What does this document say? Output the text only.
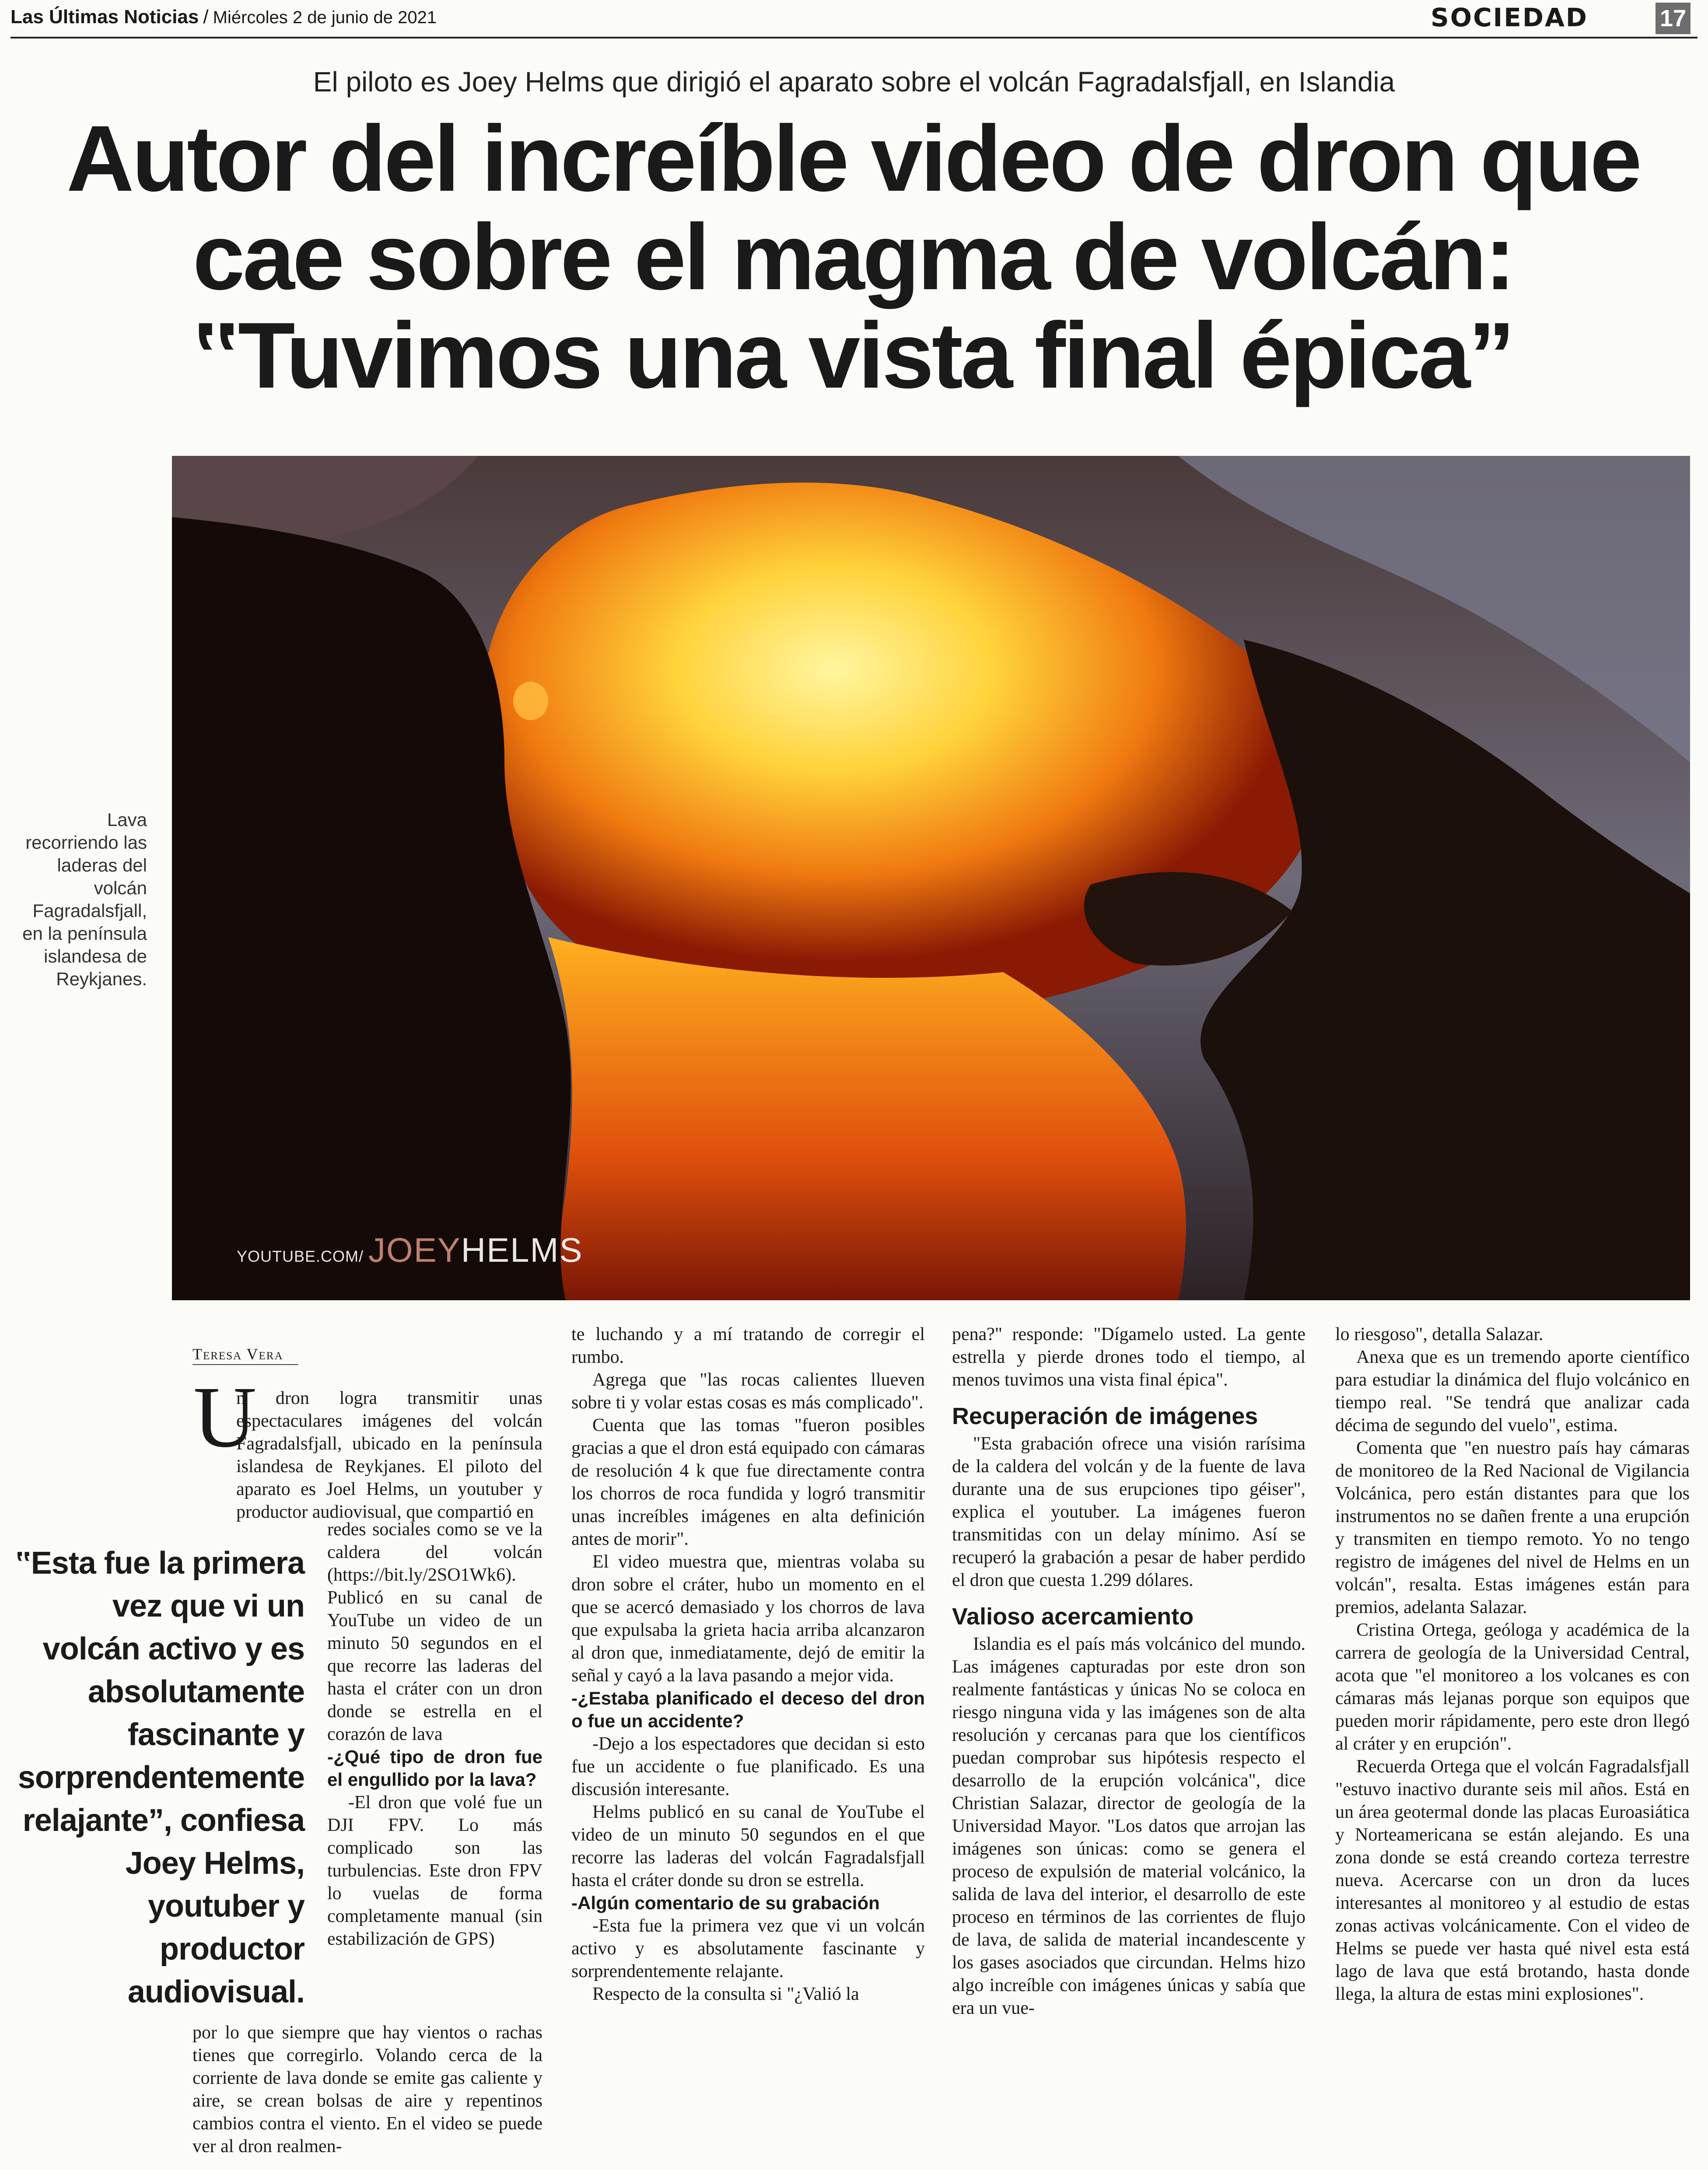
Las Últimas Noticias / Miércoles 2 de junio de 2021	SOCIEDAD	17
El piloto es Joey Helms que dirigió el aparato sobre el volcán Fagradalsfjall, en Islandia
Autor del increíble video de dron que
cae sobre el magma de volcán:
‟Tuvimos una vista final épica”
YOUTUBE.COM/ JOEYHELMS
Lava recorriendo las laderas del volcán Fagradalsfjall, en la península islandesa de Reykjanes.
Teresa Vera
U

n dron logra transmitir unas espectaculares imágenes del volcán Fagradalsfjall, ubicado en la península islandesa de Reykjanes. El piloto del aparato es Joel Helms, un youtuber y productor audiovisual, que compartió en

redes sociales como se ve la caldera del volcán (https://bit.ly/2SO1Wk6). Publicó en su canal de YouTube un video de un minuto 50 segundos en el que recorre las laderas del hasta el cráter con un dron donde se estrella en el corazón de lava

-¿Qué tipo de dron fue el engullido por la lava?

-El dron que volé fue un DJI FPV. Lo más complicado son las turbulencias. Este dron FPV lo vuelas de forma completamente manual (sin estabilización de GPS)

por lo que siempre que hay vientos o rachas tienes que corregirlo. Volando cerca de la corriente de lava donde se emite gas caliente y aire, se crean bolsas de aire y repentinos cambios contra el viento. En el video se puede ver al dron realmen-

‟Esta fue la primera vez que vi un volcán activo y es absolutamente fascinante y sorprendentemente relajante”, confiesa Joey Helms, youtuber y productor audiovisual.

te luchando y a mí tratando de corregir el rumbo.

Agrega que "las rocas calientes llueven sobre ti y volar estas cosas es más complicado".

Cuenta que las tomas "fueron posibles gracias a que el dron está equipado con cámaras de resolución 4 k que fue directamente contra los chorros de roca fundida y logró transmitir unas increíbles imágenes en alta definición antes de morir".

El video muestra que, mientras volaba su dron sobre el cráter, hubo un momento en el que se acercó demasiado y los chorros de lava que expulsaba la grieta hacia arriba alcanzaron al dron que, inmediatamente, dejó de emitir la señal y cayó a la lava pasando a mejor vida.

-¿Estaba planificado el deceso del dron o fue un accidente?

-Dejo a los espectadores que decidan si esto fue un accidente o fue planificado. Es una discusión interesante.

Helms publicó en su canal de YouTube el video de un minuto 50 segundos en el que recorre las laderas del volcán Fagradalsfjall hasta el cráter donde su dron se estrella.

-Algún comentario de su grabación

-Esta fue la primera vez que vi un volcán activo y es absolutamente fascinante y sorprendentemente relajante.

Respecto de la consulta si "¿Valió la

pena?" responde: "Dígamelo usted. La gente estrella y pierde drones todo el tiempo, al menos tuvimos una vista final épica".

Recuperación de imágenes

"Esta grabación ofrece una visión rarísima de la caldera del volcán y de la fuente de lava durante una de sus erupciones tipo géiser", explica el youtuber. La imágenes fueron transmitidas con un delay mínimo. Así se recuperó la grabación a pesar de haber perdido el dron que cuesta 1.299 dólares.

Valioso acercamiento

Islandia es el país más volcánico del mundo. Las imágenes capturadas por este dron son realmente fantásticas y únicas No se coloca en riesgo ninguna vida y las imágenes son de alta resolución y cercanas para que los científicos puedan comprobar sus hipótesis respecto el desarrollo de la erupción volcánica", dice Christian Salazar, director de geología de la Universidad Mayor. "Los datos que arrojan las imágenes son únicas: como se genera el proceso de expulsión de material volcánico, la salida de lava del interior, el desarrollo de este proceso en términos de las corrientes de flujo de lava, de salida de material incandescente y los gases asociados que circundan. Helms hizo algo increíble con imágenes únicas y sabía que era un vue-

lo riesgoso", detalla Salazar.

Anexa que es un tremendo aporte científico para estudiar la dinámica del flujo volcánico en tiempo real. "Se tendrá que analizar cada décima de segundo del vuelo", estima.

Comenta que "en nuestro país hay cámaras de monitoreo de la Red Nacional de Vigilancia Volcánica, pero están distantes para que los instrumentos no se dañen frente a una erupción y transmiten en tiempo remoto. Yo no tengo registro de imágenes del nivel de Helms en un volcán", resalta. Estas imágenes están para premios, adelanta Salazar.

Cristina Ortega, geóloga y académica de la carrera de geología de la Universidad Central, acota que "el monitoreo a los volcanes es con cámaras más lejanas porque son equipos que pueden morir rápidamente, pero este dron llegó al cráter y en erupción".

Recuerda Ortega que el volcán Fagradalsfjall "estuvo inactivo durante seis mil años. Está en un área geotermal donde las placas Euroasiática y Norteamericana se están alejando. Es una zona donde se está creando corteza terrestre nueva. Acercarse con un dron da luces interesantes al monitoreo y al estudio de estas zonas activas volcánicamente. Con el video de Helms se puede ver hasta qué nivel esta está lago de lava que está brotando, hasta donde llega, la altura de estas mini explosiones".
